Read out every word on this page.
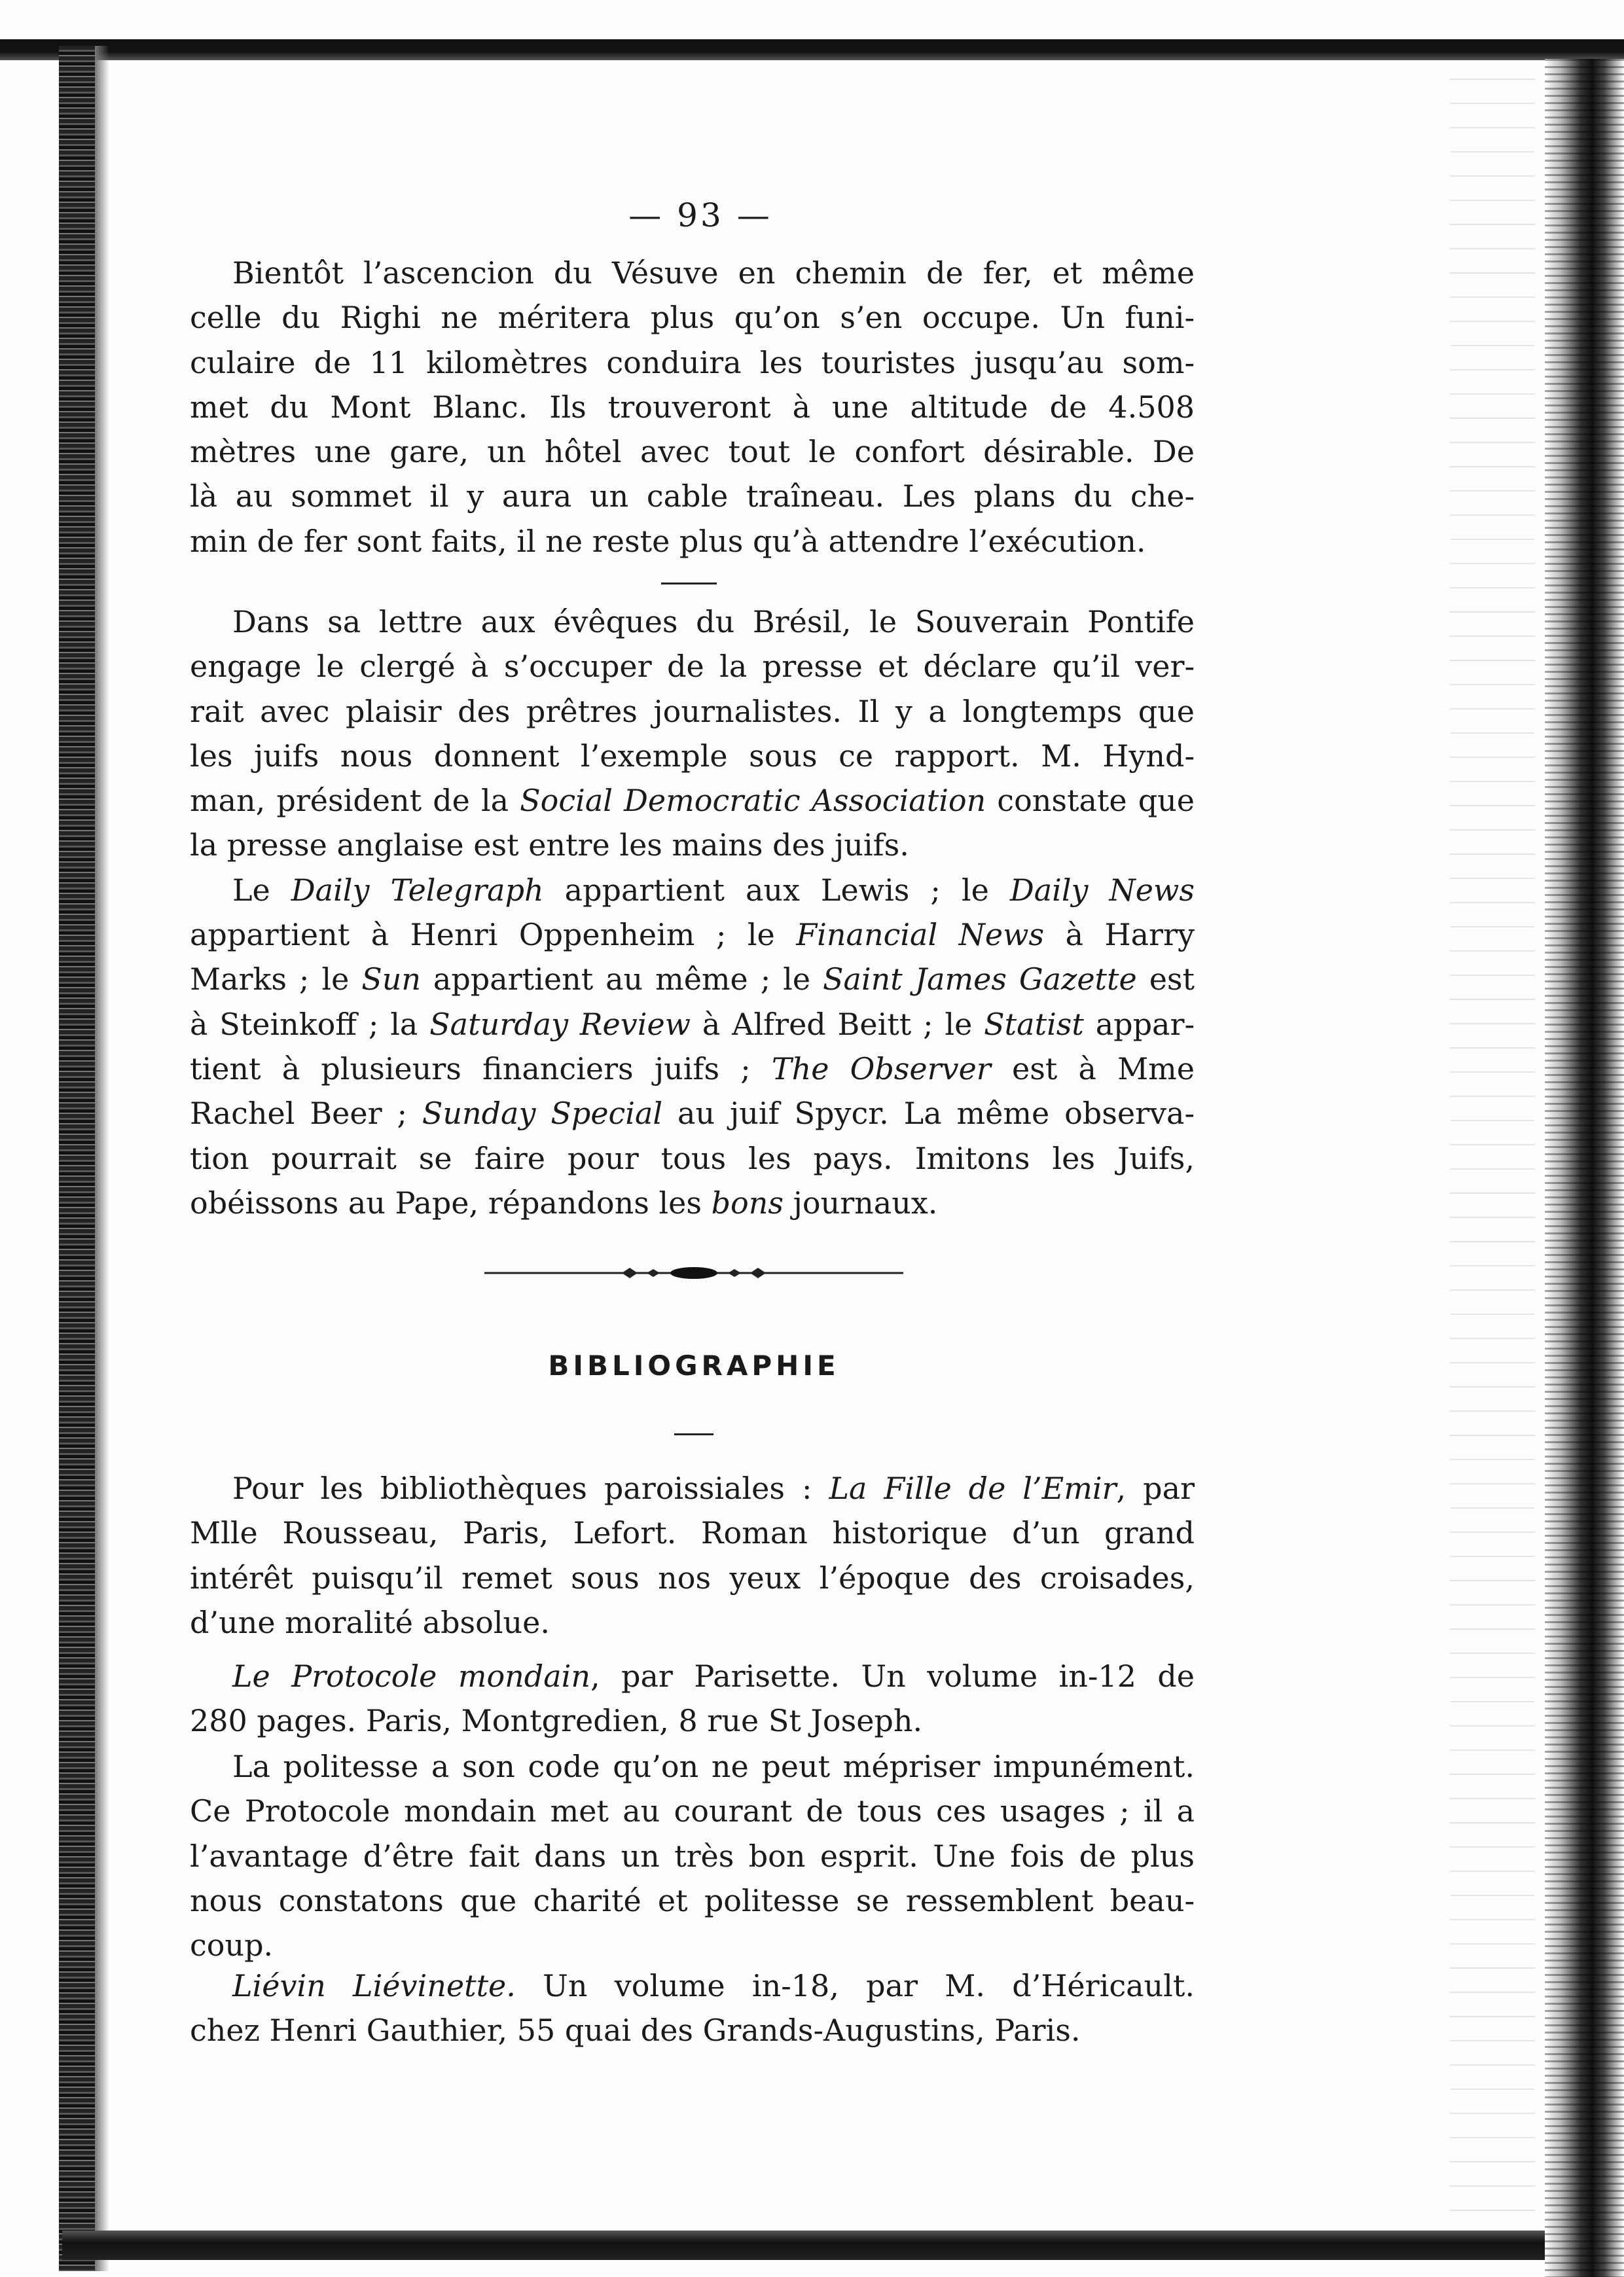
— 93 —
Bientôt l’ascencion du Vésuve en chemin de fer, et même
celle du Righi ne méritera plus qu’on s’en occupe. Un funi-
culaire de 11 kilomètres conduira les touristes jusqu’au som-
met du Mont Blanc. Ils trouveront à une altitude de 4.508
mètres une gare, un hôtel avec tout le confort désirable. De
là au sommet il y aura un cable traîneau. Les plans du che-
min de fer sont faits, il ne reste plus qu’à attendre l’exécution.
Dans sa lettre aux évêques du Brésil, le Souverain Pontife
engage le clergé à s’occuper de la presse et déclare qu’il ver-
rait avec plaisir des prêtres journalistes. Il y a longtemps que
les juifs nous donnent l’exemple sous ce rapport. M. Hynd-
man, président de la Social Democratic Association constate que
la presse anglaise est entre les mains des juifs.
Le Daily Telegraph appartient aux Lewis ; le Daily News
appartient à Henri Oppenheim ; le Financial News à Harry
Marks ; le Sun appartient au même ; le Saint James Gazette est
à Steinkoff ; la Saturday Review à Alfred Beitt ; le Statist appar-
tient à plusieurs financiers juifs ; The Observer est à Mme
Rachel Beer ; Sunday Special au juif Spycr. La même observa-
tion pourrait se faire pour tous les pays. Imitons les Juifs,
obéissons au Pape, répandons les bons journaux.
BIBLIOGRAPHIE
Pour les bibliothèques paroissiales : La Fille de l’Emir, par
Mlle Rousseau, Paris, Lefort. Roman historique d’un grand
intérêt puisqu’il remet sous nos yeux l’époque des croisades,
d’une moralité absolue.
Le Protocole mondain, par Parisette. Un volume in-12 de
280 pages. Paris, Montgredien, 8 rue St Joseph.
La politesse a son code qu’on ne peut mépriser impunément.
Ce Protocole mondain met au courant de tous ces usages ; il a
l’avantage d’être fait dans un très bon esprit. Une fois de plus
nous constatons que charité et politesse se ressemblent beau-
coup.
Liévin Liévinette. Un volume in-18, par M. d’Héricault.
chez Henri Gauthier, 55 quai des Grands-Augustins, Paris.
